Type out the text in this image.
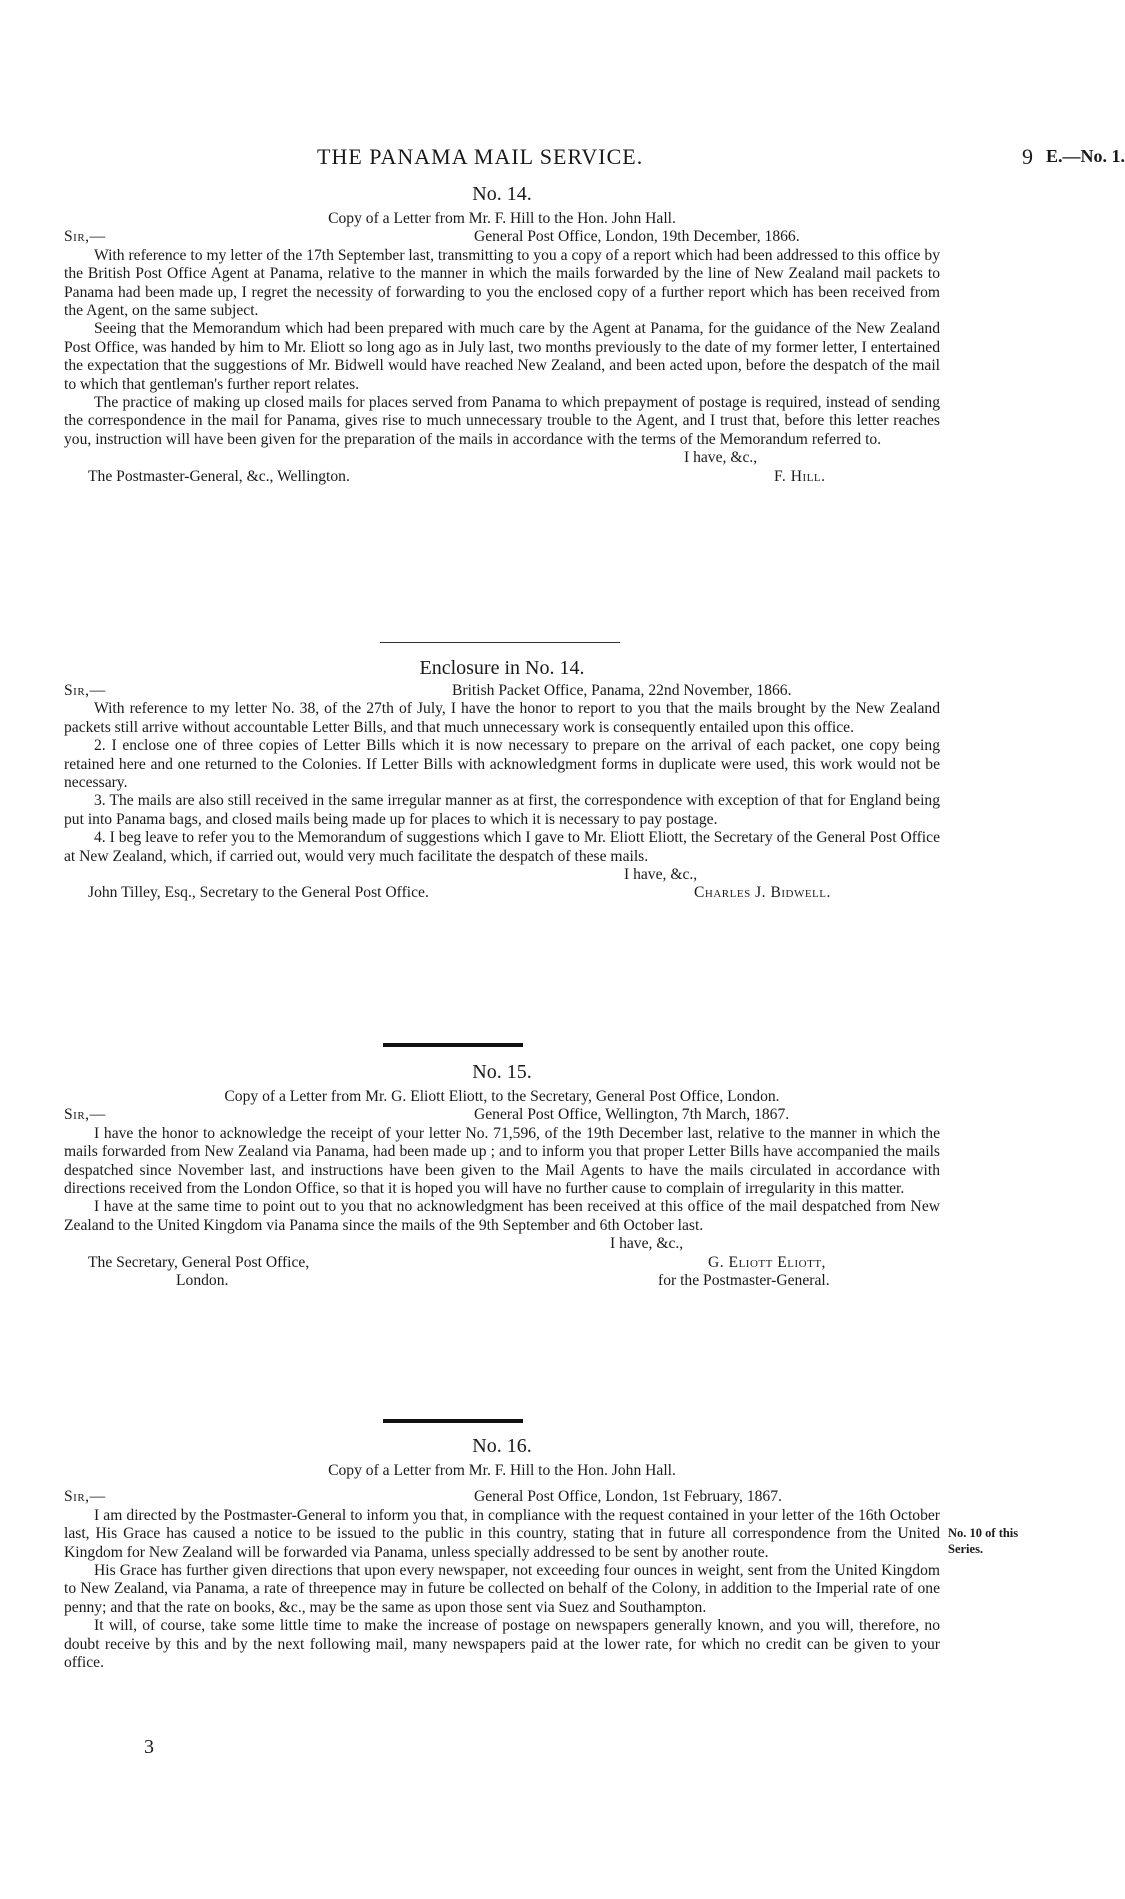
THE PANAMA MAIL SERVICE.	9 E.—No. 1.
No. 14.
Copy of a Letter from Mr. F. Hill to the Hon. John Hall.
Sir,—	General Post Office, London, 19th December, 1866.

With reference to my letter of the 17th September last, transmitting to you a copy of a report which had been addressed to this office by the British Post Office Agent at Panama, relative to the manner in which the mails forwarded by the line of New Zealand mail packets to Panama had been made up, I regret the necessity of forwarding to you the enclosed copy of a further report which has been received from the Agent, on the same subject.

Seeing that the Memorandum which had been prepared with much care by the Agent at Panama, for the guidance of the New Zealand Post Office, was handed by him to Mr. Eliott so long ago as in July last, two months previously to the date of my former letter, I entertained the expectation that the suggestions of Mr. Bidwell would have reached New Zealand, and been acted upon, before the despatch of the mail to which that gentleman's further report relates.

The practice of making up closed mails for places served from Panama to which prepayment of postage is required, instead of sending the correspondence in the mail for Panama, gives rise to much unnecessary trouble to the Agent, and I trust that, before this letter reaches you, instruction will have been given for the preparation of the mails in accordance with the terms of the Memorandum referred to.

I have, &c.,
The Postmaster-General, &c., Wellington.	F. Hill.
Enclosure in No. 14.
Sir,—	British Packet Office, Panama, 22nd November, 1866.

With reference to my letter No. 38, of the 27th of July, I have the honor to report to you that the mails brought by the New Zealand packets still arrive without accountable Letter Bills, and that much unnecessary work is consequently entailed upon this office.

2. I enclose one of three copies of Letter Bills which it is now necessary to prepare on the arrival of each packet, one copy being retained here and one returned to the Colonies. If Letter Bills with acknowledgment forms in duplicate were used, this work would not be necessary.

3. The mails are also still received in the same irregular manner as at first, the correspondence with exception of that for England being put into Panama bags, and closed mails being made up for places to which it is necessary to pay postage.

4. I beg leave to refer you to the Memorandum of suggestions which I gave to Mr. Eliott Eliott, the Secretary of the General Post Office at New Zealand, which, if carried out, would very much facilitate the despatch of these mails.

I have, &c.,
John Tilley, Esq., Secretary to the General Post Office.	Charles J. Bidwell.
No. 15.
Copy of a Letter from Mr. G. Eliott Eliott, to the Secretary, General Post Office, London.
Sir,—	General Post Office, Wellington, 7th March, 1867.

I have the honor to acknowledge the receipt of your letter No. 71,596, of the 19th December last, relative to the manner in which the mails forwarded from New Zealand via Panama, had been made up ; and to inform you that proper Letter Bills have accompanied the mails despatched since November last, and instructions have been given to the Mail Agents to have the mails circulated in accordance with directions received from the London Office, so that it is hoped you will have no further cause to complain of irregularity in this matter.

I have at the same time to point out to you that no acknowledgment has been received at this office of the mail despatched from New Zealand to the United Kingdom via Panama since the mails of the 9th September and 6th October last.

I have, &c.,
The Secretary, General Post Office,	G. Eliott Eliott,
London.	for the Postmaster-General.
No. 16.
Copy of a Letter from Mr. F. Hill to the Hon. John Hall.
Sir,—	General Post Office, London, 1st February, 1867.

I am directed by the Postmaster-General to inform you that, in compliance with the request contained in your letter of the 16th October last, His Grace has caused a notice to be issued to the public in this country, stating that in future all correspondence from the United Kingdom for New Zealand will be forwarded via Panama, unless specially addressed to be sent by another route.

His Grace has further given directions that upon every newspaper, not exceeding four ounces in weight, sent from the United Kingdom to New Zealand, via Panama, a rate of threepence may in future be collected on behalf of the Colony, in addition to the Imperial rate of one penny; and that the rate on books, &c., may be the same as upon those sent via Suez and Southampton.

It will, of course, take some little time to make the increase of postage on newspapers generally known, and you will, therefore, no doubt receive by this and by the next following mail, many newspapers paid at the lower rate, for which no credit can be given to your office.

No. 10 of this
Series.
3
